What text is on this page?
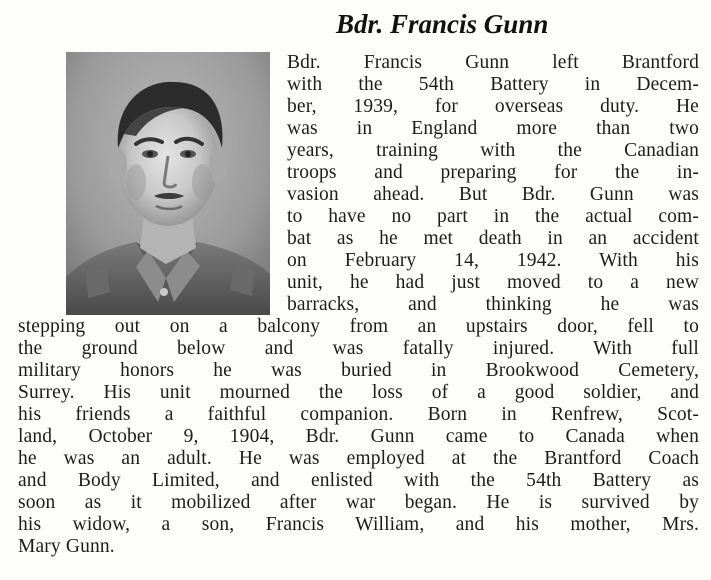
Bdr. Francis Gunn
Bdr. Francis Gunn left Brantford
with the 54th Battery in Decem-
ber, 1939, for overseas duty. He
was in England more than two
years, training with the Canadian
troops and preparing for the in-
vasion ahead. But Bdr. Gunn was
to have no part in the actual com-
bat as he met death in an accident
on February 14, 1942. With his
unit, he had just moved to a new
barracks, and thinking he was
stepping out on a balcony from an upstairs door, fell to
the ground below and was fatally injured. With full
military honors he was buried in Brookwood Cemetery,
Surrey. His unit mourned the loss of a good soldier, and
his friends a faithful companion. Born in Renfrew, Scot-
land, October 9, 1904, Bdr. Gunn came to Canada when
he was an adult. He was employed at the Brantford Coach
and Body Limited, and enlisted with the 54th Battery as
soon as it mobilized after war began. He is survived by
his widow, a son, Francis William, and his mother, Mrs.
Mary Gunn.
